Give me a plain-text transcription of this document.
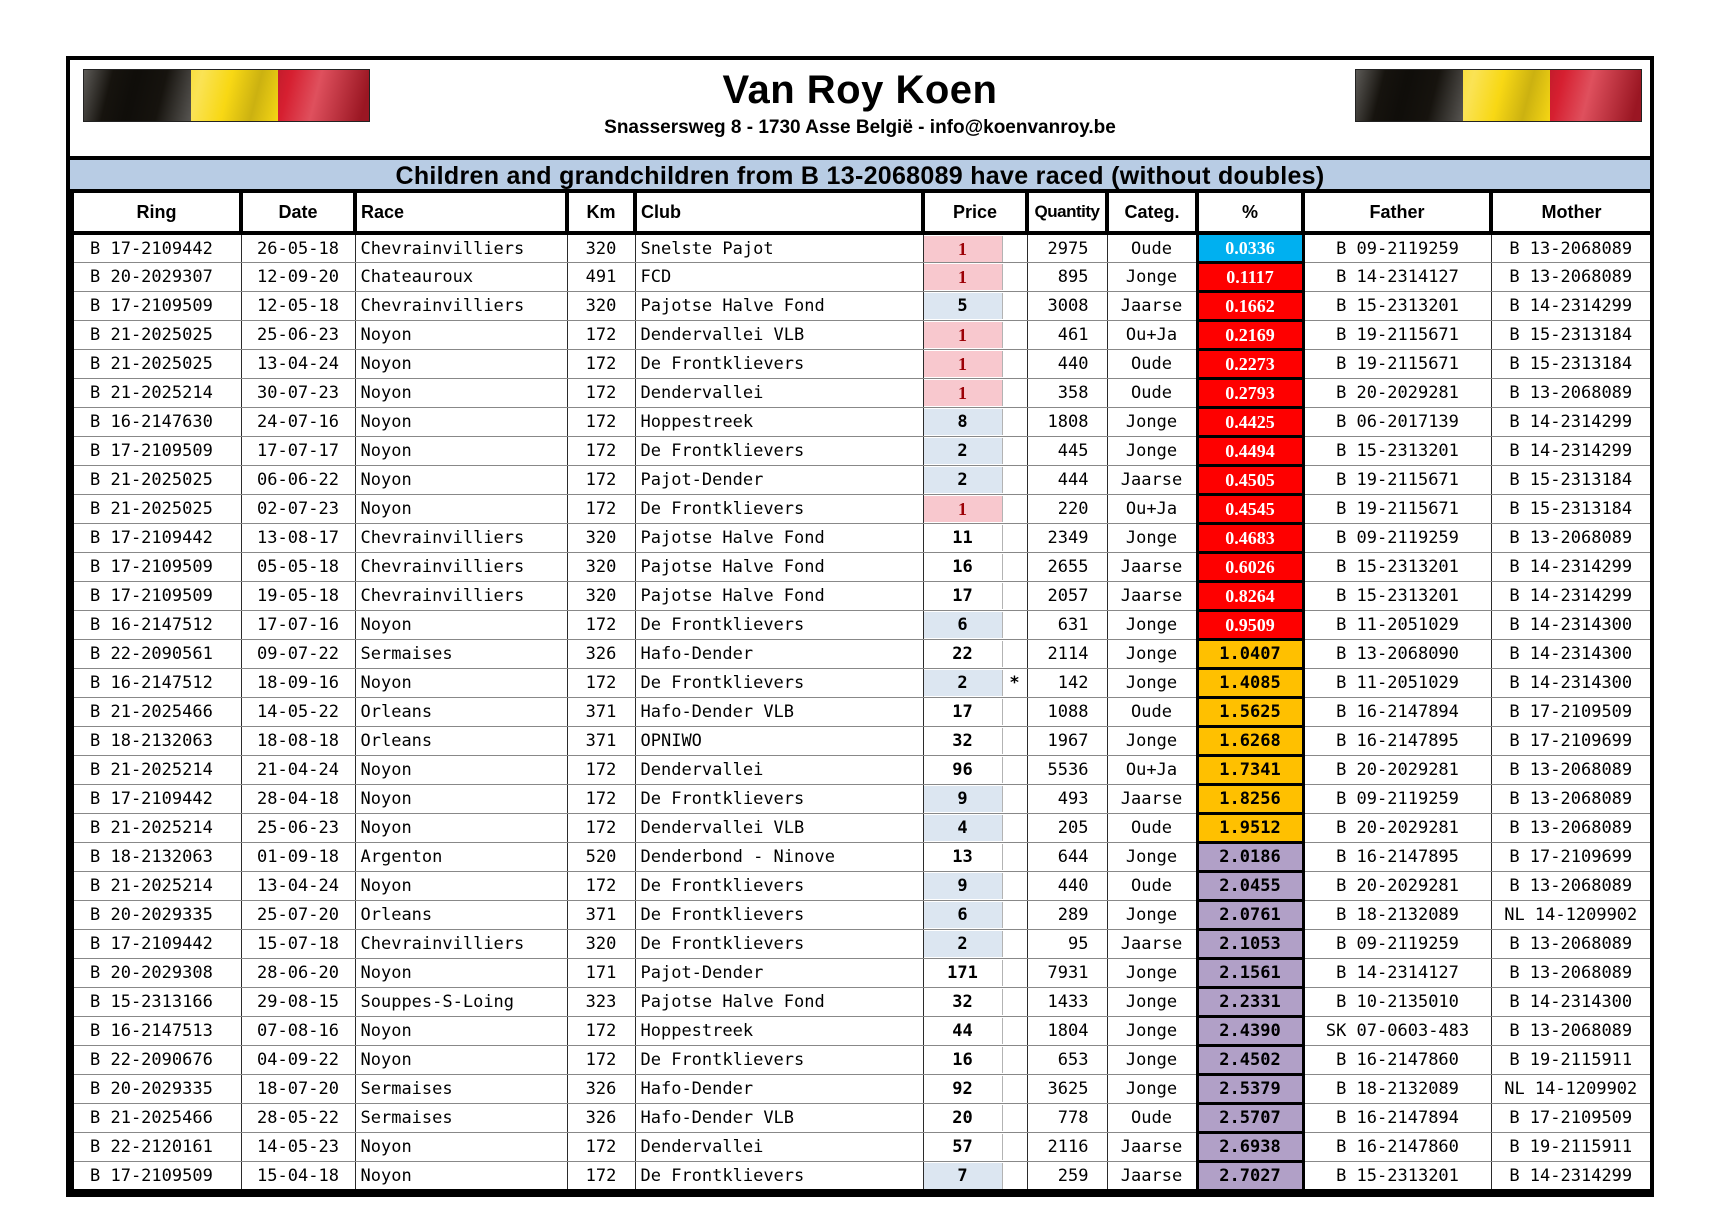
Van Roy Koen
Snassersweg 8 - 1730 Asse België - info@koenvanroy.be
Children and grandchildren from B 13-2068089 have raced (without doubles)
Ring	Date	Race	Km	Club	Price	Quantity	Categ.	%	Father	Mother
B 17-2109442	26-05-18	Chevrainvilliers	320	Snelste Pajot	1	2975	Oude	0.0336	B 09-2119259	B 13-2068089
B 20-2029307	12-09-20	Chateauroux	491	FCD	1	895	Jonge	0.1117	B 14-2314127	B 13-2068089
B 17-2109509	12-05-18	Chevrainvilliers	320	Pajotse Halve Fond	5	3008	Jaarse	0.1662	B 15-2313201	B 14-2314299
B 21-2025025	25-06-23	Noyon	172	Dendervallei VLB	1	461	Ou+Ja	0.2169	B 19-2115671	B 15-2313184
B 21-2025025	13-04-24	Noyon	172	De Frontklievers	1	440	Oude	0.2273	B 19-2115671	B 15-2313184
B 21-2025214	30-07-23	Noyon	172	Dendervallei	1	358	Oude	0.2793	B 20-2029281	B 13-2068089
B 16-2147630	24-07-16	Noyon	172	Hoppestreek	8	1808	Jonge	0.4425	B 06-2017139	B 14-2314299
B 17-2109509	17-07-17	Noyon	172	De Frontklievers	2	445	Jonge	0.4494	B 15-2313201	B 14-2314299
B 21-2025025	06-06-22	Noyon	172	Pajot-Dender	2	444	Jaarse	0.4505	B 19-2115671	B 15-2313184
B 21-2025025	02-07-23	Noyon	172	De Frontklievers	1	220	Ou+Ja	0.4545	B 19-2115671	B 15-2313184
B 17-2109442	13-08-17	Chevrainvilliers	320	Pajotse Halve Fond	11	2349	Jonge	0.4683	B 09-2119259	B 13-2068089
B 17-2109509	05-05-18	Chevrainvilliers	320	Pajotse Halve Fond	16	2655	Jaarse	0.6026	B 15-2313201	B 14-2314299
B 17-2109509	19-05-18	Chevrainvilliers	320	Pajotse Halve Fond	17	2057	Jaarse	0.8264	B 15-2313201	B 14-2314299
B 16-2147512	17-07-16	Noyon	172	De Frontklievers	6	631	Jonge	0.9509	B 11-2051029	B 14-2314300
B 22-2090561	09-07-22	Sermaises	326	Hafo-Dender	22	2114	Jonge	1.0407	B 13-2068090	B 14-2314300
B 16-2147512	18-09-16	Noyon	172	De Frontklievers	2 *	142	Jonge	1.4085	B 11-2051029	B 14-2314300
B 21-2025466	14-05-22	Orleans	371	Hafo-Dender VLB	17	1088	Oude	1.5625	B 16-2147894	B 17-2109509
B 18-2132063	18-08-18	Orleans	371	OPNIWO	32	1967	Jonge	1.6268	B 16-2147895	B 17-2109699
B 21-2025214	21-04-24	Noyon	172	Dendervallei	96	5536	Ou+Ja	1.7341	B 20-2029281	B 13-2068089
B 17-2109442	28-04-18	Noyon	172	De Frontklievers	9	493	Jaarse	1.8256	B 09-2119259	B 13-2068089
B 21-2025214	25-06-23	Noyon	172	Dendervallei VLB	4	205	Oude	1.9512	B 20-2029281	B 13-2068089
B 18-2132063	01-09-18	Argenton	520	Denderbond - Ninove	13	644	Jonge	2.0186	B 16-2147895	B 17-2109699
B 21-2025214	13-04-24	Noyon	172	De Frontklievers	9	440	Oude	2.0455	B 20-2029281	B 13-2068089
B 20-2029335	25-07-20	Orleans	371	De Frontklievers	6	289	Jonge	2.0761	B 18-2132089	NL 14-1209902
B 17-2109442	15-07-18	Chevrainvilliers	320	De Frontklievers	2	95	Jaarse	2.1053	B 09-2119259	B 13-2068089
B 20-2029308	28-06-20	Noyon	171	Pajot-Dender	171	7931	Jonge	2.1561	B 14-2314127	B 13-2068089
B 15-2313166	29-08-15	Souppes-S-Loing	323	Pajotse Halve Fond	32	1433	Jonge	2.2331	B 10-2135010	B 14-2314300
B 16-2147513	07-08-16	Noyon	172	Hoppestreek	44	1804	Jonge	2.4390	SK 07-0603-483	B 13-2068089
B 22-2090676	04-09-22	Noyon	172	De Frontklievers	16	653	Jonge	2.4502	B 16-2147860	B 19-2115911
B 20-2029335	18-07-20	Sermaises	326	Hafo-Dender	92	3625	Jonge	2.5379	B 18-2132089	NL 14-1209902
B 21-2025466	28-05-22	Sermaises	326	Hafo-Dender VLB	20	778	Oude	2.5707	B 16-2147894	B 17-2109509
B 22-2120161	14-05-23	Noyon	172	Dendervallei	57	2116	Jaarse	2.6938	B 16-2147860	B 19-2115911
B 17-2109509	15-04-18	Noyon	172	De Frontklievers	7	259	Jaarse	2.7027	B 15-2313201	B 14-2314299
